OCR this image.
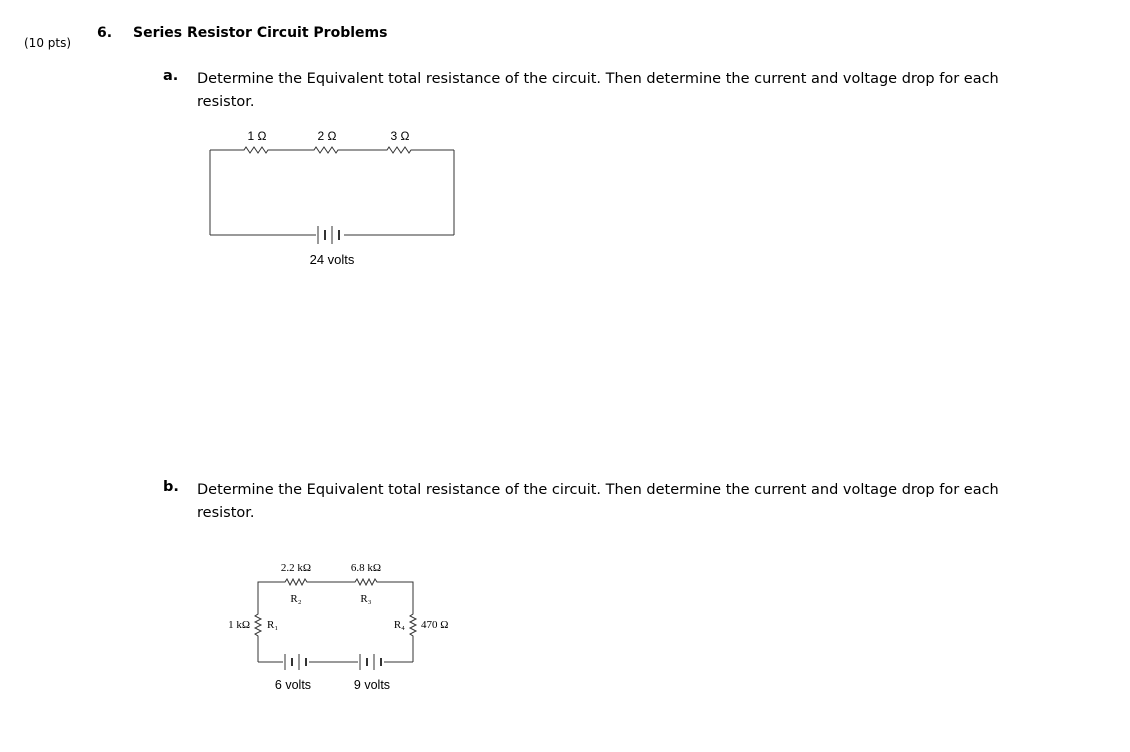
(10 pts)
6. Series Resistor Circuit Problems
a. Determine the Equivalent total resistance of the circuit. Then determine the current and voltage drop for each resistor.
1 Ω	2 Ω	3 Ω
24 volts
b. Determine the Equivalent total resistance of the circuit. Then determine the current and voltage drop for each resistor.
2.2 kΩ
R₂
6.8 kΩ
R₃
1 kΩ R₁	R₄ 470 Ω
6 volts	9 volts
